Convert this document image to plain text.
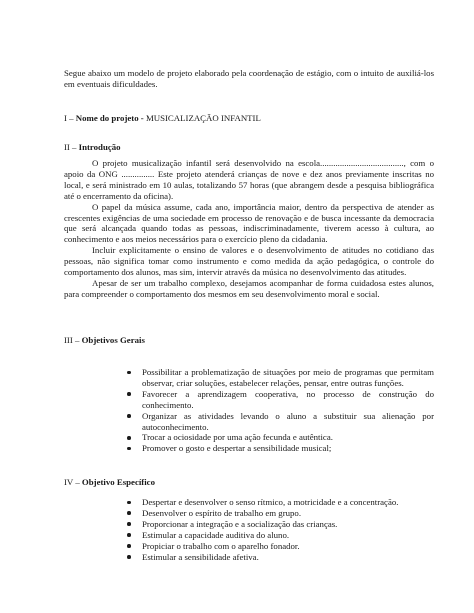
Segue abaixo um modelo de projeto elaborado pela coordenação de estágio, com o intuito de auxiliá-los em eventuais dificuldades.
I – Nome do projeto - MUSICALIZAÇÃO INFANTIL
II – Introdução

O projeto musicalização infantil será desenvolvido na escola......................................, com o apoio da ONG ............... Este projeto atenderá crianças de nove e dez anos previamente inscritas no local, e será ministrado em 10 aulas, totalizando 57 horas (que abrangem desde a pesquisa bibliográfica até o encerramento da oficina).

O papel da música assume, cada ano, importância maior, dentro da perspectiva de atender as crescentes exigências de uma sociedade em processo de renovação e de busca incessante da democracia que será alcançada quando todas as pessoas, indiscriminadamente, tiverem acesso à cultura, ao conhecimento e aos meios necessários para o exercício pleno da cidadania.

Incluir explicitamente o ensino de valores e o desenvolvimento de atitudes no cotidiano das pessoas, não significa tomar como instrumento e como medida da ação pedagógica, o controle do comportamento dos alunos, mas sim, intervir através da música no desenvolvimento das atitudes.

Apesar de ser um trabalho complexo, desejamos acompanhar de forma cuidadosa estes alunos, para compreender o comportamento dos mesmos em seu desenvolvimento moral e social.

III – Objetivos Gerais
Possibilitar a problematização de situações por meio de programas que permitam observar, criar soluções, estabelecer relações, pensar, entre outras funções.
Favorecer a aprendizagem cooperativa, no processo de construção do conhecimento.
Organizar as atividades levando o aluno a substituir sua alienação por autoconhecimento.
Trocar a ociosidade por uma ação fecunda e autêntica.
Promover o gosto e despertar a sensibilidade musical;
IV – Objetivo Específico
Despertar e desenvolver o senso rítmico, a motricidade e a concentração.
Desenvolver o espírito de trabalho em grupo.
Proporcionar a integração e a socialização das crianças.
Estimular a capacidade auditiva do aluno.
Propiciar o trabalho com o aparelho fonador.
Estimular a sensibilidade afetiva.
